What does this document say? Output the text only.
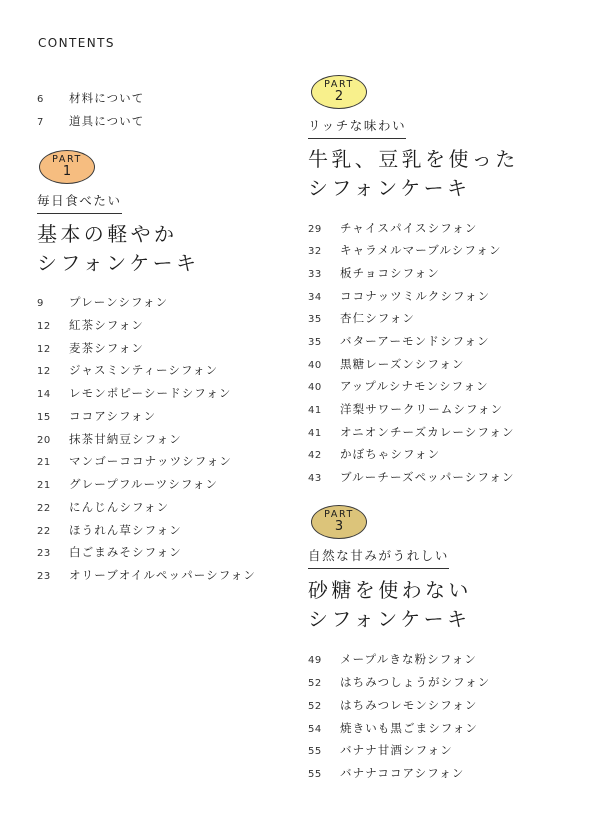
CONTENTS
6 材料について
7 道具について
PART
1
毎日食べたい
基本の軽やか
シフォンケーキ
9 プレーンシフォン
12 紅茶シフォン
12 麦茶シフォン
12 ジャスミンティーシフォン
14 レモンポピーシードシフォン
15 ココアシフォン
20 抹茶甘納豆シフォン
21 マンゴーココナッツシフォン
21 グレープフルーツシフォン
22 にんじんシフォン
22 ほうれん草シフォン
23 白ごまみそシフォン
23 オリーブオイルペッパーシフォン
PART
2
リッチな味わい
牛乳、豆乳を使った
シフォンケーキ
29 チャイスパイスシフォン
32 キャラメルマーブルシフォン
33 板チョコシフォン
34 ココナッツミルクシフォン
35 杏仁シフォン
35 バターアーモンドシフォン
40 黒糖レーズンシフォン
40 アップルシナモンシフォン
41 洋梨サワークリームシフォン
41 オニオンチーズカレーシフォン
42 かぼちゃシフォン
43 ブルーチーズペッパーシフォン
PART
3
自然な甘みがうれしい
砂糖を使わない
シフォンケーキ
49 メープルきな粉シフォン
52 はちみつしょうがシフォン
52 はちみつレモンシフォン
54 焼きいも黒ごまシフォン
55 バナナ甘酒シフォン
55 バナナココアシフォン
